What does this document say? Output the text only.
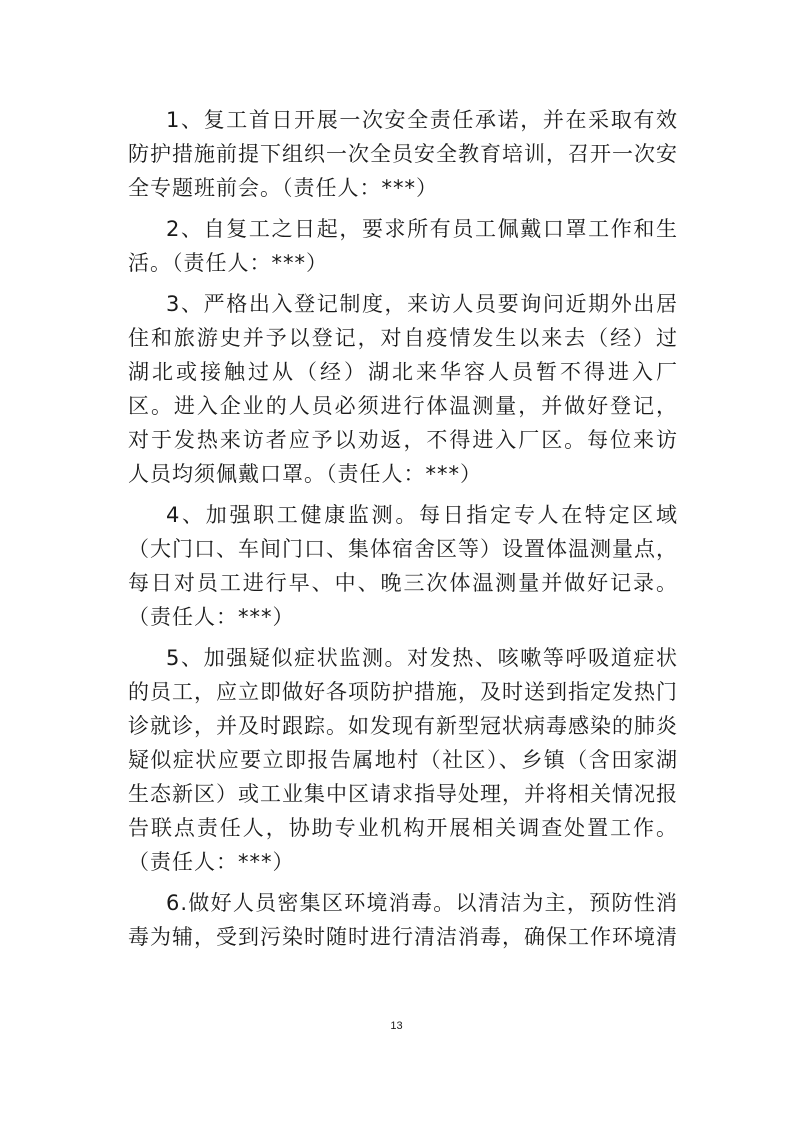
1、复工首日开展一次安全责任承诺，并在采取有效
防护措施前提下组织一次全员安全教育培训，召开一次安
全专题班前会。（责任人：***）
2、自复工之日起，要求所有员工佩戴口罩工作和生
活。（责任人：***）
3、严格出入登记制度，来访人员要询问近期外出居
住和旅游史并予以登记，对自疫情发生以来去（经）过
湖北或接触过从（经）湖北来华容人员暂不得进入厂
区。进入企业的人员必须进行体温测量，并做好登记，
对于发热来访者应予以劝返，不得进入厂区。每位来访
人员均须佩戴口罩。（责任人：***）
4、加强职工健康监测。每日指定专人在特定区域
（大门口、车间门口、集体宿舍区等）设置体温测量点，
每日对员工进行早、中、晚三次体温测量并做好记录。
（责任人：***）
5、加强疑似症状监测。对发热、咳嗽等呼吸道症状
的员工，应立即做好各项防护措施，及时送到指定发热门
诊就诊，并及时跟踪。如发现有新型冠状病毒感染的肺炎
疑似症状应要立即报告属地村（社区）、乡镇（含田家湖
生态新区）或工业集中区请求指导处理，并将相关情况报
告联点责任人，协助专业机构开展相关调查处置工作。
（责任人：***）
6.做好人员密集区环境消毒。以清洁为主，预防性消
毒为辅，受到污染时随时进行清洁消毒，确保工作环境清
13
